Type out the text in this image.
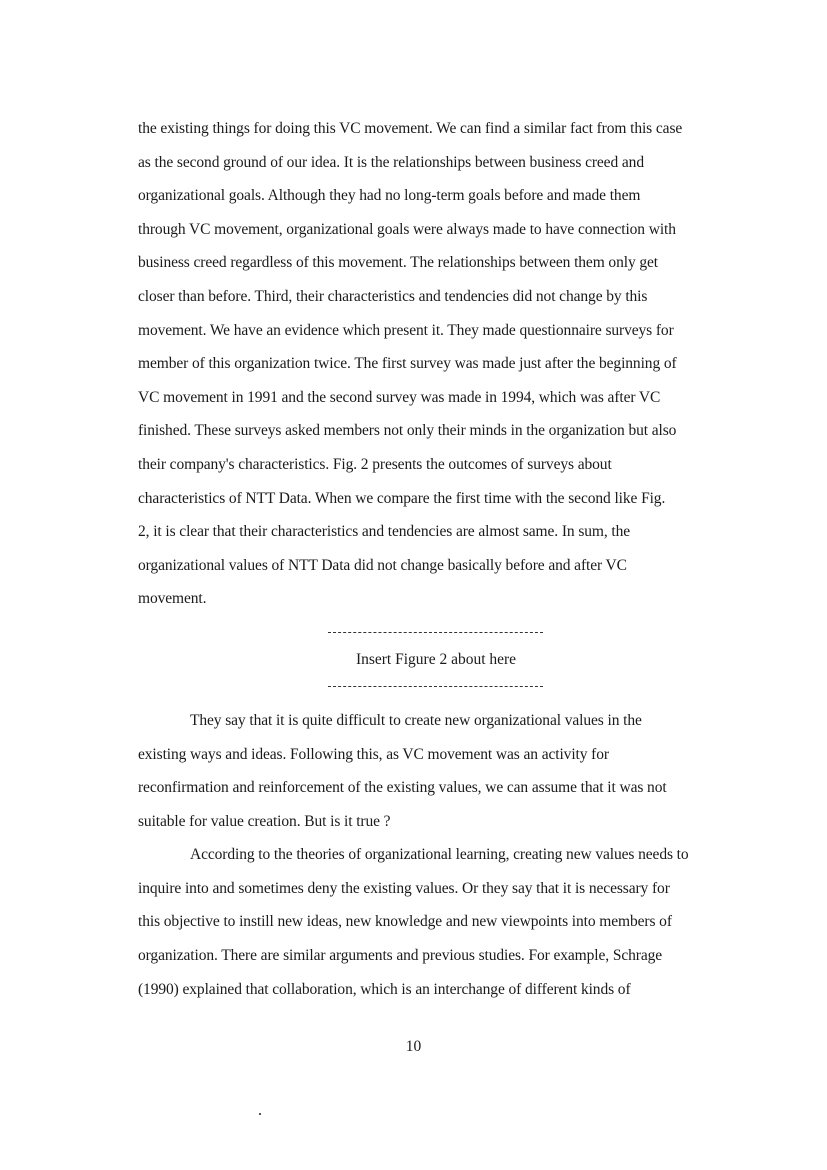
the existing things for doing this VC movement. We can find a similar fact from this case
as the second ground of our idea. It is the relationships between business creed and
organizational goals. Although they had no long-term goals before and made them
through VC movement, organizational goals were always made to have connection with
business creed regardless of this movement. The relationships between them only get
closer than before. Third, their characteristics and tendencies did not change by this
movement. We have an evidence which present it. They made questionnaire surveys for
member of this organization twice. The first survey was made just after the beginning of
VC movement in 1991 and the second survey was made in 1994, which was after VC
finished. These surveys asked members not only their minds in the organization but also
their company's characteristics. Fig. 2 presents the outcomes of surveys about
characteristics of NTT Data. When we compare the first time with the second like Fig.
2, it is clear that their characteristics and tendencies are almost same. In sum, the
organizational values of NTT Data did not change basically before and after VC
movement.
Insert Figure 2 about here
They say that it is quite difficult to create new organizational values in the
existing ways and ideas. Following this, as VC movement was an activity for
reconfirmation and reinforcement of the existing values, we can assume that it was not
suitable for value creation. But is it true ?
According to the theories of organizational learning, creating new values needs to
inquire into and sometimes deny the existing values. Or they say that it is necessary for
this objective to instill new ideas, new knowledge and new viewpoints into members of
organization. There are similar arguments and previous studies. For example, Schrage
(1990) explained that collaboration, which is an interchange of different kinds of
10
